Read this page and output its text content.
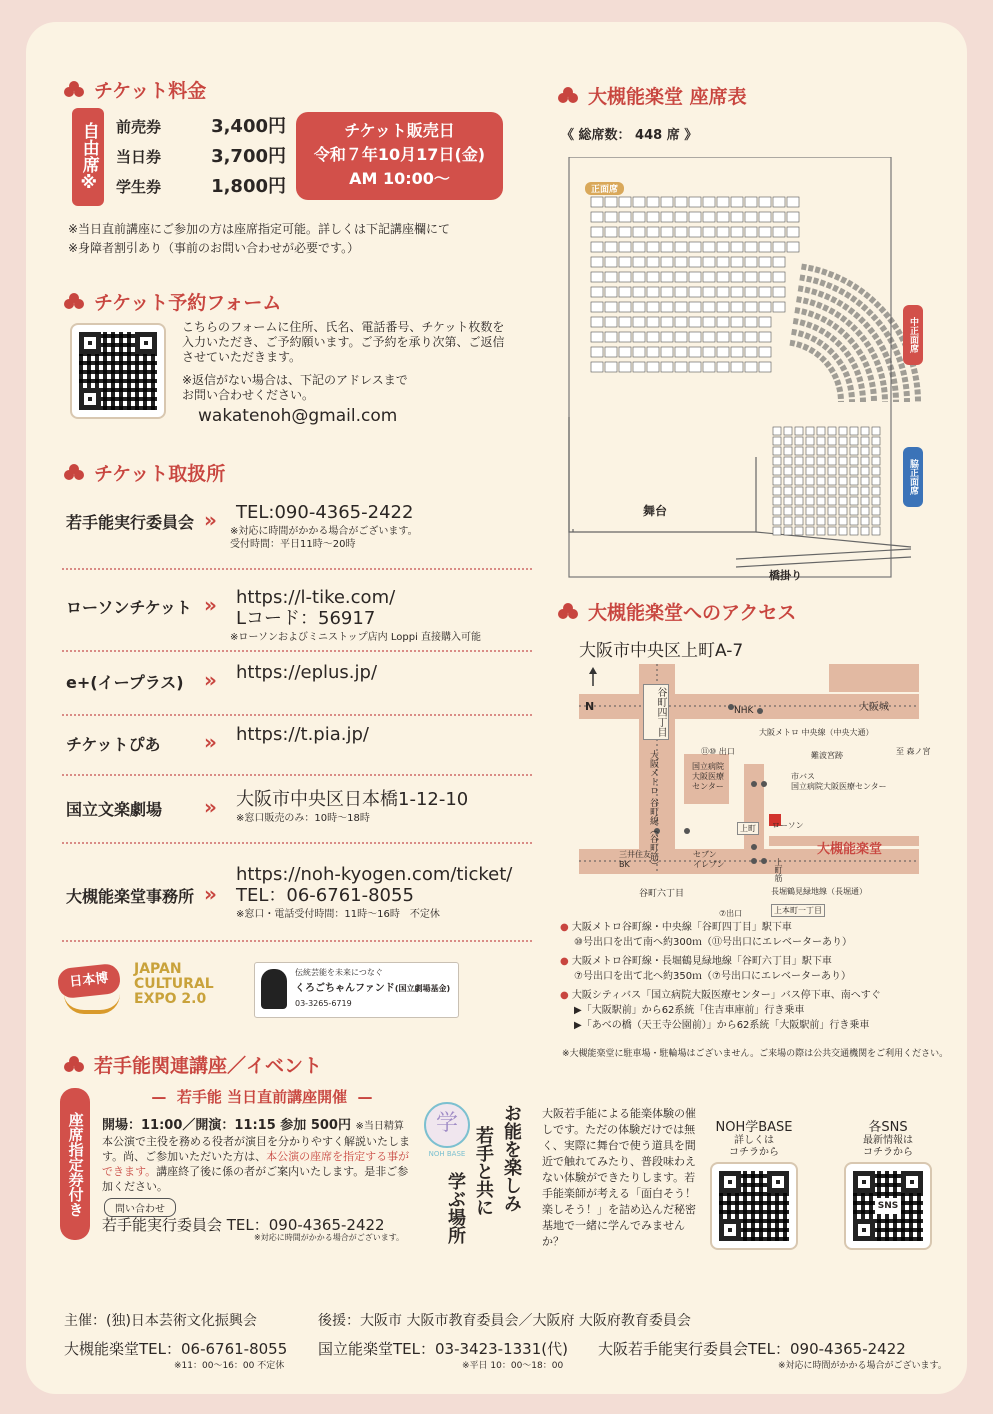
チケット料金
自由席※	前売券	3,400円
当日券	3,700円
学生券	1,800円
チケット販売日
令和７年10月17日(金)
AM 10:00〜
※当日直前講座にご参加の方は座席指定可能。詳しくは下記講座欄にて
※身障者割引あり（事前のお問い合わせが必要です。）
チケット予約フォーム
こちらのフォームに住所、氏名、電話番号、チケット枚数を入力いただき、ご予約願います。ご予約を承り次第、ご返信させていただきます。
※返信がない場合は、下記のアドレスまで　お問い合わせください。
wakatenoh@gmail.com
チケット取扱所
若手能実行委員会 » TEL:090-4365-2422
※対応に時間がかかる場合がございます。
受付時間：平日11時〜20時
ローソンチケット » https://l-tike.com/
Lコード：56917
※ローソンおよびミニストップ店内 Loppi 直接購入可能
e+(イープラス) » https://eplus.jp/
チケットぴあ » https://t.pia.jp/
国立文楽劇場 » 大阪市中央区日本橋1-12-10
※窓口販売のみ：10時〜18時
大槻能楽堂事務所 »
https://noh-kyogen.com/ticket/
TEL：06-6761-8055
※窓口・電話受付時間：11時〜16時　不定休
日本博
JAPAN
CULTURAL
EXPO 2.0
伝統芸能を未来につなぐ
くろごちゃんファンド(国立劇場基金)
03-3265-6719
若手能関連講座／イベント
座席指定券付き
—  若手能 当日直前講座開催  —
開場：11:00／開演：11:15 参加 500円 ※当日精算
本公演で主役を務める役者が演目を分かりやすく解説いたします。尚、ご参加いただいた方は、本公演の座席を指定する事ができます。講座終了後に係の者がご案内いたします。是非ご参加ください。
問い合わせ
若手能実行委員会 TEL：090-4365-2422
※対応に時間がかかる場合がございます。
学
NOH BASE お能を楽しみ
若手と共に
学ぶ場所
大阪若手能による能楽体験の催しです。ただの体験だけでは無く、実際に舞台で使う道具を間近で触れてみたり、普段味わえない体験ができたりします。若手能楽師が考える「面白そう！楽しそう！」を詰め込んだ秘密基地で一緒に学んでみませんか？
NOH学BASE
詳しくは
コチラから
各SNS
最新情報は
コチラから
SNS
大槻能楽堂 座席表
《 総席数： 448 席 》
正面席
中正面席
脇正面席
舞台
橋掛り
大槻能楽堂へのアクセス
大阪市中央区上町A-7
N	谷町四丁目
大阪メトロ 谷町線（谷町筋）
NHK	大阪城
大阪メトロ 中央線（中央大通）
至 森ノ宮
⑪⑩ 出口	難波宮跡
国立病院
大阪医療
センター
市バス
国立病院大阪医療センター
上町	ローソン
大槻能楽堂
三井住友
BK
セブン
イレブン	上町筋
谷町六丁目	長堀鶴見緑地線（長堀通）
⑦出口	上本町一丁目
● 大阪メトロ谷町線・中央線「谷町四丁目」駅下車
⑩号出口を出て南へ約300ｍ（⑪号出口にエレベーターあり）
● 大阪メトロ谷町線・長堀鶴見緑地線「谷町六丁目」駅下車
⑦号出口を出て北へ約350ｍ（⑦号出口にエレベーターあり）
● 大阪シティバス「国立病院大阪医療センター」バス停下車、南へすぐ
▶「大阪駅前」から62系統「住吉車庫前」行き乗車
▶「あべの橋（天王寺公園前）」から62系統「大阪駅前」行き乗車
※大槻能楽堂に駐車場・駐輪場はございません。ご来場の際は公共交通機関をご利用ください。
主催：(独)日本芸術文化振興会	後援：大阪市 大阪市教育委員会／大阪府 大阪府教育委員会
大槻能楽堂TEL：06-6761-8055
※11：00〜16：00 不定休
国立能楽堂TEL：03-3423-1331(代)
※平日 10：00〜18：00
大阪若手能実行委員会TEL：090-4365-2422
※対応に時間がかかる場合がございます。
